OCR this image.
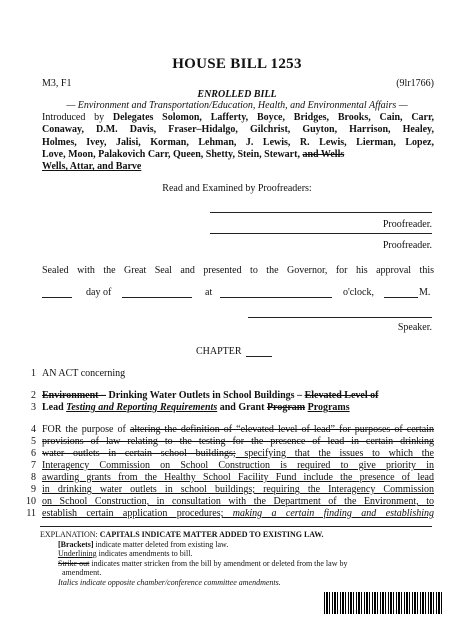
HOUSE BILL 1253
M3, F1	(9lr1766)
ENROLLED BILL
— Environment and Transportation/Education, Health, and Environmental Affairs —
Introduced by Delegates Solomon, Lafferty, Boyce, Bridges, Brooks, Cain, Carr,
Conaway, D.M. Davis, Fraser–Hidalgo, Gilchrist, Guyton, Harrison, Healey,
Holmes, Ivey, Jalisi, Korman, Lehman, J. Lewis, R. Lewis, Lierman, Lopez,
Love, Moon, Palakovich Carr, Queen, Shetty, Stein, Stewart, and Wells
Wells, Attar, and Barve
Read and Examined by Proofreaders:
Proofreader.
Proofreader.
Sealed with the Great Seal and presented to the Governor, for his approval this
day of	at	o'clock,	M.
Speaker.
CHAPTER
1 AN ACT concerning
2 Environment – Drinking Water Outlets in School Buildings – Elevated Level of
3 Lead Testing and Reporting Requirements and Grant Program Programs
4 FOR the purpose of altering the definition of “elevated level of lead” for purposes of certain
5 provisions of law relating to the testing for the presence of lead in certain drinking
6 water outlets in certain school buildings; specifying that the issues to which the
7 Interagency Commission on School Construction is required to give priority in
8 awarding grants from the Healthy School Facility Fund include the presence of lead
9 in drinking water outlets in school buildings; requiring the Interagency Commission
10 on School Construction, in consultation with the Department of the Environment, to
11 establish certain application procedures; making a certain finding and establishing
EXPLANATION: CAPITALS INDICATE MATTER ADDED TO EXISTING LAW.
[Brackets] indicate matter deleted from existing law.
Underlining indicates amendments to bill.
Strike out indicates matter stricken from the bill by amendment or deleted from the law by
amendment.
Italics indicate opposite chamber/conference committee amendments.
